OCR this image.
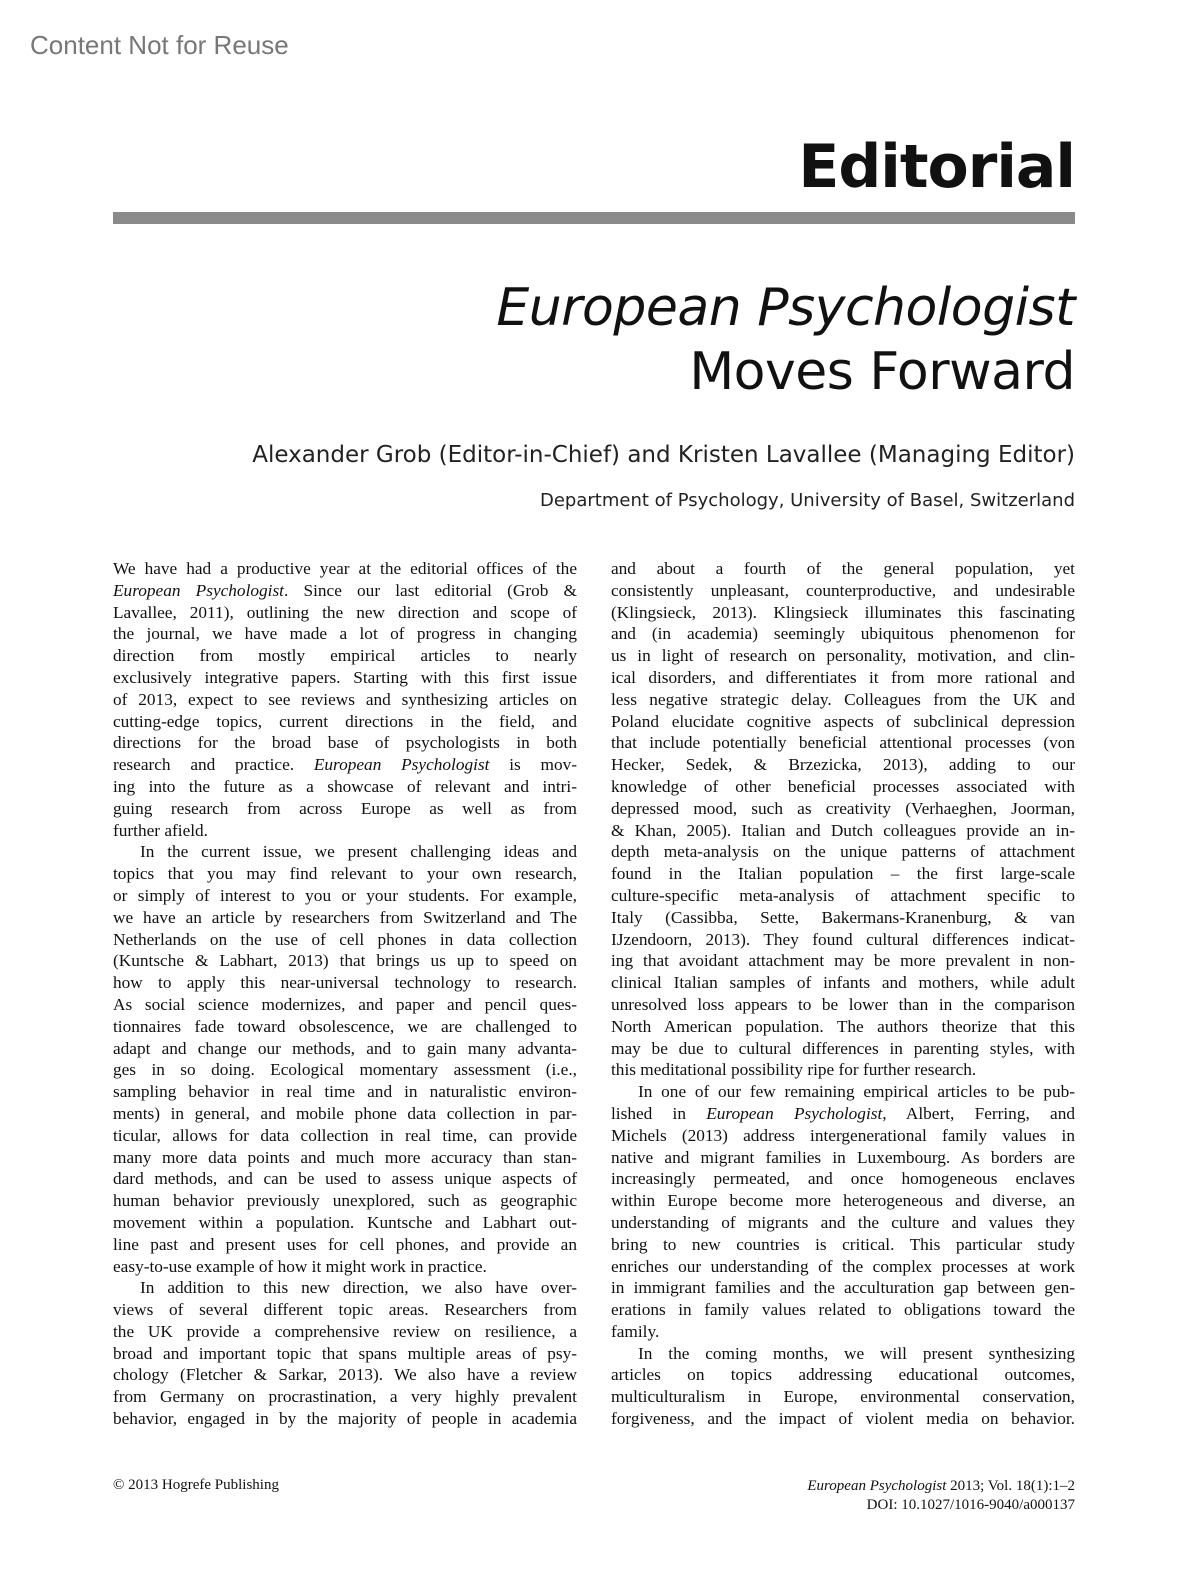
Content Not for Reuse
Editorial
European Psychologist
Moves Forward
Alexander Grob (Editor-in-Chief) and Kristen Lavallee (Managing Editor)
Department of Psychology, University of Basel, Switzerland
We have had a productive year at the editorial offices of the
European Psychologist. Since our last editorial (Grob &
Lavallee, 2011), outlining the new direction and scope of
the journal, we have made a lot of progress in changing
direction from mostly empirical articles to nearly
exclusively integrative papers. Starting with this first issue
of 2013, expect to see reviews and synthesizing articles on
cutting-edge topics, current directions in the field, and
directions for the broad base of psychologists in both
research and practice. European Psychologist is mov-
ing into the future as a showcase of relevant and intri-
guing research from across Europe as well as from
further afield.
In the current issue, we present challenging ideas and
topics that you may find relevant to your own research,
or simply of interest to you or your students. For example,
we have an article by researchers from Switzerland and The
Netherlands on the use of cell phones in data collection
(Kuntsche & Labhart, 2013) that brings us up to speed on
how to apply this near-universal technology to research.
As social science modernizes, and paper and pencil ques-
tionnaires fade toward obsolescence, we are challenged to
adapt and change our methods, and to gain many advanta-
ges in so doing. Ecological momentary assessment (i.e.,
sampling behavior in real time and in naturalistic environ-
ments) in general, and mobile phone data collection in par-
ticular, allows for data collection in real time, can provide
many more data points and much more accuracy than stan-
dard methods, and can be used to assess unique aspects of
human behavior previously unexplored, such as geographic
movement within a population. Kuntsche and Labhart out-
line past and present uses for cell phones, and provide an
easy-to-use example of how it might work in practice.
In addition to this new direction, we also have over-
views of several different topic areas. Researchers from
the UK provide a comprehensive review on resilience, a
broad and important topic that spans multiple areas of psy-
chology (Fletcher & Sarkar, 2013). We also have a review
from Germany on procrastination, a very highly prevalent
behavior, engaged in by the majority of people in academia
and about a fourth of the general population, yet
consistently unpleasant, counterproductive, and undesirable
(Klingsieck, 2013). Klingsieck illuminates this fascinating
and (in academia) seemingly ubiquitous phenomenon for
us in light of research on personality, motivation, and clin-
ical disorders, and differentiates it from more rational and
less negative strategic delay. Colleagues from the UK and
Poland elucidate cognitive aspects of subclinical depression
that include potentially beneficial attentional processes (von
Hecker, Sedek, & Brzezicka, 2013), adding to our
knowledge of other beneficial processes associated with
depressed mood, such as creativity (Verhaeghen, Joorman,
& Khan, 2005). Italian and Dutch colleagues provide an in-
depth meta-analysis on the unique patterns of attachment
found in the Italian population – the first large-scale
culture-specific meta-analysis of attachment specific to
Italy (Cassibba, Sette, Bakermans-Kranenburg, & van
IJzendoorn, 2013). They found cultural differences indicat-
ing that avoidant attachment may be more prevalent in non-
clinical Italian samples of infants and mothers, while adult
unresolved loss appears to be lower than in the comparison
North American population. The authors theorize that this
may be due to cultural differences in parenting styles, with
this meditational possibility ripe for further research.
In one of our few remaining empirical articles to be pub-
lished in European Psychologist, Albert, Ferring, and
Michels (2013) address intergenerational family values in
native and migrant families in Luxembourg. As borders are
increasingly permeated, and once homogeneous enclaves
within Europe become more heterogeneous and diverse, an
understanding of migrants and the culture and values they
bring to new countries is critical. This particular study
enriches our understanding of the complex processes at work
in immigrant families and the acculturation gap between gen-
erations in family values related to obligations toward the
family.
In the coming months, we will present synthesizing
articles on topics addressing educational outcomes,
multiculturalism in Europe, environmental conservation,
forgiveness, and the impact of violent media on behavior.
© 2013 Hogrefe Publishing	European Psychologist 2013; Vol. 18(1):1–2
DOI: 10.1027/1016-9040/a000137
